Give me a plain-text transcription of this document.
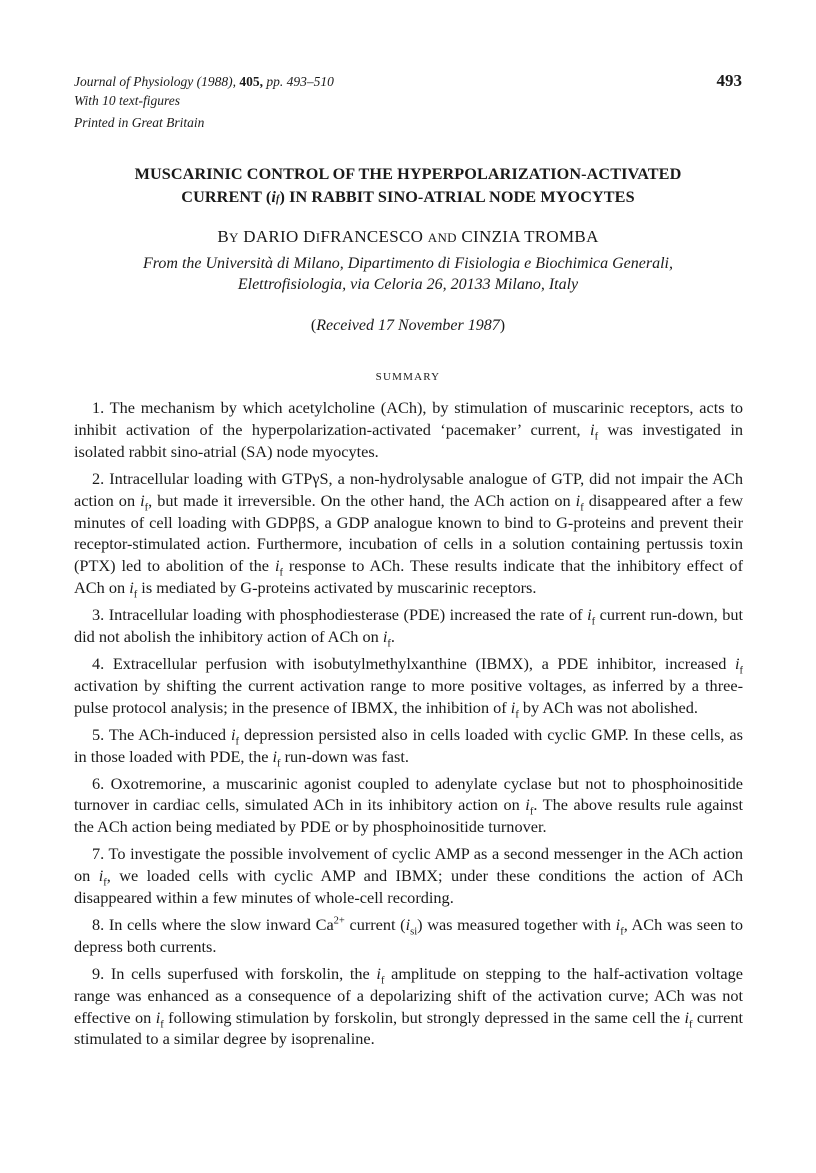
Journal of Physiology (1988), 405, pp. 493–510
With 10 text-figures
Printed in Great Britain
493
MUSCARINIC CONTROL OF THE HYPERPOLARIZATION-ACTIVATED
CURRENT (if) IN RABBIT SINO-ATRIAL NODE MYOCYTES
BY DARIO DIFRANCESCO AND CINZIA TROMBA
From the Università di Milano, Dipartimento di Fisiologia e Biochimica Generali,
Elettrofisiologia, via Celoria 26, 20133 Milano, Italy
(Received 17 November 1987)
SUMMARY

1. The mechanism by which acetylcholine (ACh), by stimulation of muscarinic receptors, acts to inhibit activation of the hyperpolarization-activated ‘pacemaker’ current, $i_f$ was investigated in isolated rabbit sino-atrial (SA) node myocytes.

2. Intracellular loading with GTPγS, a non-hydrolysable analogue of GTP, did not impair the ACh action on $i_f$, but made it irreversible. On the other hand, the ACh action on $i_f$ disappeared after a few minutes of cell loading with GDPβS, a GDP analogue known to bind to G-proteins and prevent their receptor-stimulated action. Furthermore, incubation of cells in a solution containing pertussis toxin (PTX) led to abolition of the $i_f$ response to ACh. These results indicate that the inhibitory effect of ACh on $i_f$ is mediated by G-proteins activated by muscarinic receptors.

3. Intracellular loading with phosphodiesterase (PDE) increased the rate of $i_f$ current run-down, but did not abolish the inhibitory action of ACh on $i_f$.

4. Extracellular perfusion with isobutylmethylxanthine (IBMX), a PDE inhibitor, increased $i_f$ activation by shifting the current activation range to more positive voltages, as inferred by a three-pulse protocol analysis; in the presence of IBMX, the inhibition of $i_f$ by ACh was not abolished.

5. The ACh-induced $i_f$ depression persisted also in cells loaded with cyclic GMP. In these cells, as in those loaded with PDE, the $i_f$ run-down was fast.

6. Oxotremorine, a muscarinic agonist coupled to adenylate cyclase but not to phosphoinositide turnover in cardiac cells, simulated ACh in its inhibitory action on $i_f$. The above results rule against the ACh action being mediated by PDE or by phosphoinositide turnover.

7. To investigate the possible involvement of cyclic AMP as a second messenger in the ACh action on $i_f$, we loaded cells with cyclic AMP and IBMX; under these conditions the action of ACh disappeared within a few minutes of whole-cell recording.

8. In cells where the slow inward $Ca^{2+}$ current $(i_{si})$ was measured together with $i_f$, ACh was seen to depress both currents.

9. In cells superfused with forskolin, the $i_f$ amplitude on stepping to the half-activation voltage range was enhanced as a consequence of a depolarizing shift of the activation curve; ACh was not effective on $i_f$ following stimulation by forskolin, but strongly depressed in the same cell the $i_f$ current stimulated to a similar degree by isoprenaline.
